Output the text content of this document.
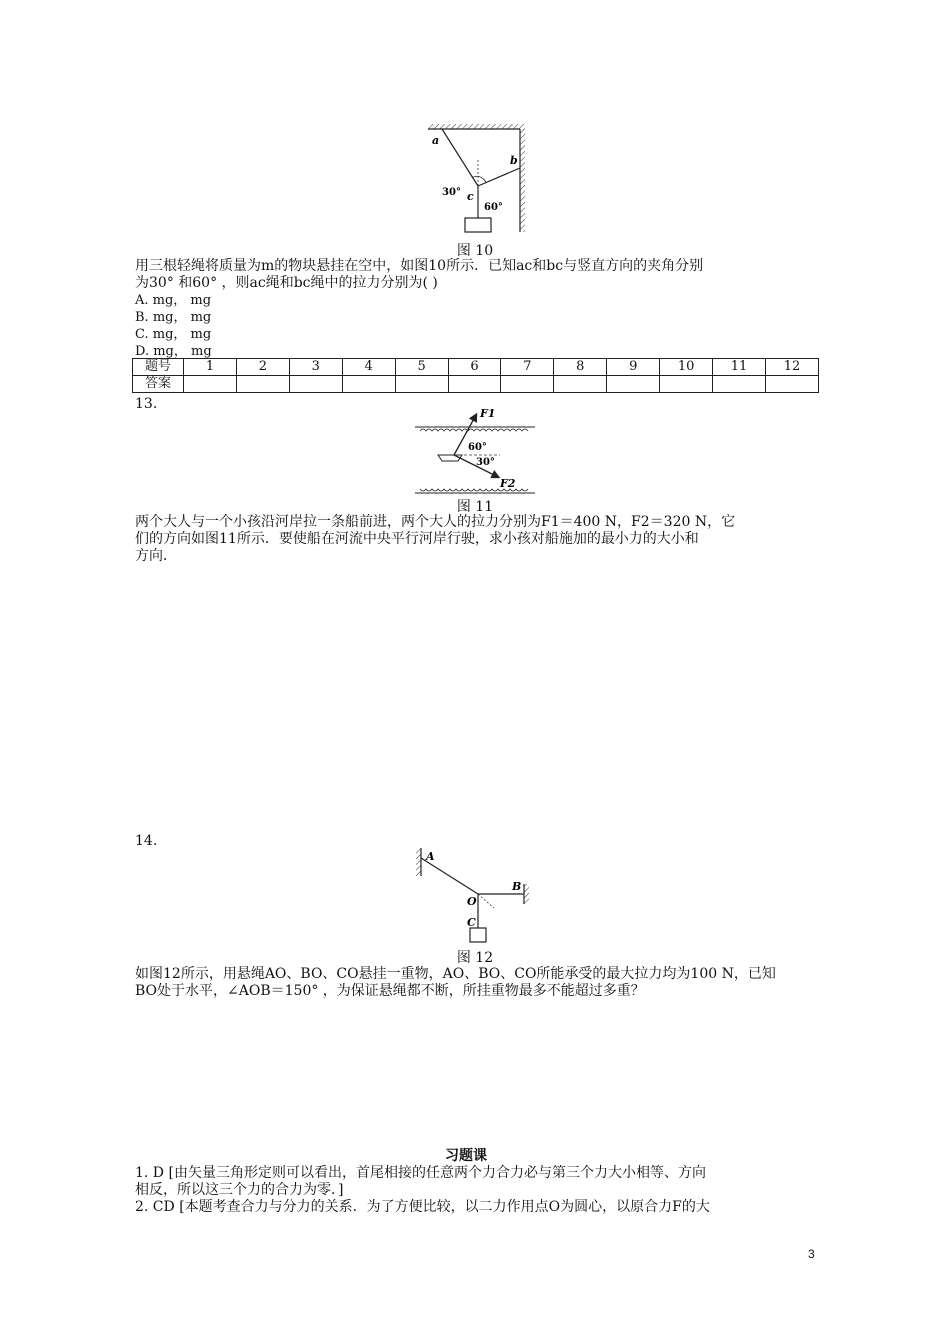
a
b
c
30°
60°
图 10
用三根轻绳将质量为m的物块悬挂在空中，如图10所示．已知ac和bc与竖直方向的夹角分别
为30° 和60° ，则ac绳和bc绳中的拉力分别为( )
A. mg， mg
B. mg， mg
C. mg， mg
D. mg， mg
题号	1	2	3	4	5	6	7	8	9	10	11	12
答案												
13.
F1
F2
60°
30°
图 11
两个大人与一个小孩沿河岸拉一条船前进，两个大人的拉力分别为F1＝400 N，F2＝320 N，它
们的方向如图11所示．要使船在河流中央平行河岸行驶，求小孩对船施加的最小力的大小和
方向．
14.
A
B
O
C
图 12
如图12所示，用悬绳AO、BO、CO悬挂一重物，AO、BO、CO所能承受的最大拉力均为100 N，已知
BO处于水平，∠AOB＝150° ，为保证悬绳都不断，所挂重物最多不能超过多重？
习题课
1. D [由矢量三角形定则可以看出，首尾相接的任意两个力合力必与第三个力大小相等、方向
相反，所以这三个力的合力为零．]
2. CD [本题考查合力与分力的关系．为了方便比较，以二力作用点O为圆心，以原合力F的大
3
